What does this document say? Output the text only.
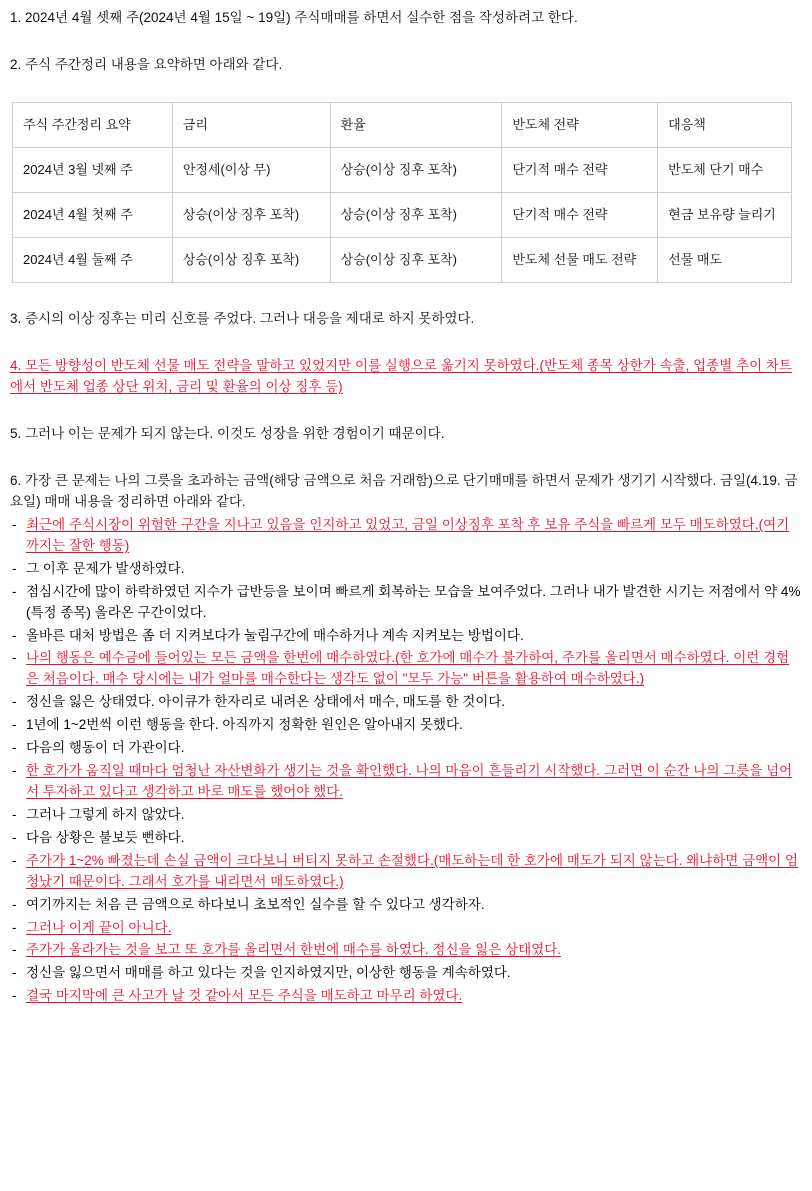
1. 2024년 4월 셋째 주(2024년 4월 15일 ~ 19일) 주식매매를 하면서 실수한 점을 작성하려고 한다.

2. 주식 주간정리 내용을 요약하면 아래와 같다.

주식 주간정리 요약	금리	환율	반도체 전략	대응책
2024년 3월 넷째 주	안정세(이상 무)	상승(이상 징후 포착)	단기적 매수 전략	반도체 단기 매수
2024년 4월 첫째 주	상승(이상 징후 포착)	상승(이상 징후 포착)	단기적 매수 전략	현금 보유량 늘리기
2024년 4월 둘째 주	상승(이상 징후 포착)	상승(이상 징후 포착)	반도체 선물 매도 전략	선물 매도

3. 증시의 이상 징후는 미리 신호를 주었다. 그러나 대응을 제대로 하지 못하였다.

4. 모든 방향성이 반도체 선물 매도 전략을 말하고 있었지만 이를 실행으로 옮기지 못하였다.(반도체 종목 상한가 속출, 업종별 추이 차트에서 반도체 업종 상단 위치, 금리 및 환율의 이상 징후 등)

5. 그러나 이는 문제가 되지 않는다. 이것도 성장을 위한 경험이기 때문이다.

6. 가장 큰 문제는 나의 그릇을 초과하는 금액(해당 금액으로 처음 거래함)으로 단기매매를 하면서 문제가 생기기 시작했다. 금일(4.19. 금요일) 매매 내용을 정리하면 아래와 같다.

- 최근에 주식시장이 위험한 구간을 지나고 있음을 인지하고 있었고, 금일 이상징후 포착 후 보유 주식을 빠르게 모두 매도하였다.(여기까지는 잘한 행동)
- 그 이후 문제가 발생하였다.
- 점심시간에 많이 하락하였던 지수가 급반등을 보이며 빠르게 회복하는 모습을 보여주었다. 그러나 내가 발견한 시기는 저점에서 약 4%(특정 종목) 올라온 구간이었다.
- 올바른 대처 방법은 좀 더 지켜보다가 눌림구간에 매수하거나 계속 지켜보는 방법이다.
- 나의 행동은 예수금에 들어있는 모든 금액을 한번에 매수하였다.(한 호가에 매수가 불가하여, 주가를 올리면서 매수하였다. 이런 경험은 처음이다. 매수 당시에는 내가 얼마를 매수한다는 생각도 없이 "모두 가능" 버튼을 활용하여 매수하였다.)
- 정신을 잃은 상태였다. 아이큐가 한자리로 내려온 상태에서 매수, 매도를 한 것이다.
- 1년에 1~2번씩 이런 행동을 한다. 아직까지 정확한 원인은 알아내지 못했다.
- 다음의 행동이 더 가관이다.
- 한 호가가 움직일 때마다 엄청난 자산변화가 생기는 것을 확인했다. 나의 마음이 흔들리기 시작했다. 그러면 이 순간 나의 그릇을 넘어서 투자하고 있다고 생각하고 바로 매도를 했어야 했다.
- 그러나 그렇게 하지 않았다.
- 다음 상황은 불보듯 뻔하다.
- 주가가 1~2% 빠졌는데 손실 금액이 크다보니 버티지 못하고 손절했다.(매도하는데 한 호가에 매도가 되지 않는다. 왜냐하면 금액이 엄청났기 때문이다. 그래서 호가를 내리면서 매도하였다.)
- 여기까지는 처음 큰 금액으로 하다보니 초보적인 실수를 할 수 있다고 생각하자.
- 그러나 이게 끝이 아니다.
- 주가가 올라가는 것을 보고 또 호가를 올리면서 한번에 매수를 하였다. 정신을 잃은 상태였다.
- 정신을 잃으면서 매매를 하고 있다는 것을 인지하였지만, 이상한 행동을 계속하였다.
- 결국 마지막에 큰 사고가 날 것 같아서 모든 주식을 매도하고 마무리 하였다.
